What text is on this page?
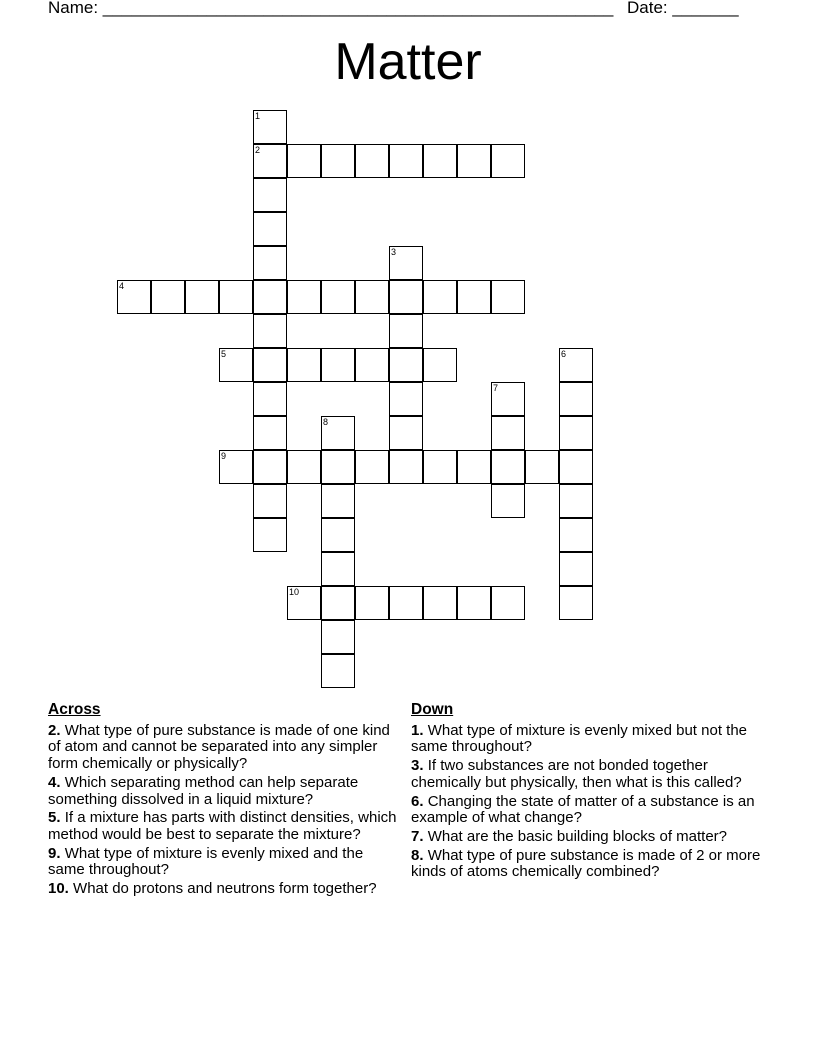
Name: ______________________________________________________ Date: _______
Matter
1
2
3
4
5	6
7
8
9
10
Across
2. What type of pure substance is made of one kind of atom and cannot be separated into any simpler form chemically or physically?
4. Which separating method can help separate something dissolved in a liquid mixture?
5. If a mixture has parts with distinct densities, which method would be best to separate the mixture?
9. What type of mixture is evenly mixed and the same throughout?
10. What do protons and neutrons form together?
Down
1. What type of mixture is evenly mixed but not the same throughout?
3. If two substances are not bonded together chemically but physically, then what is this called?
6. Changing the state of matter of a substance is an example of what change?
7. What are the basic building blocks of matter?
8. What type of pure substance is made of 2 or more kinds of atoms chemically combined?
